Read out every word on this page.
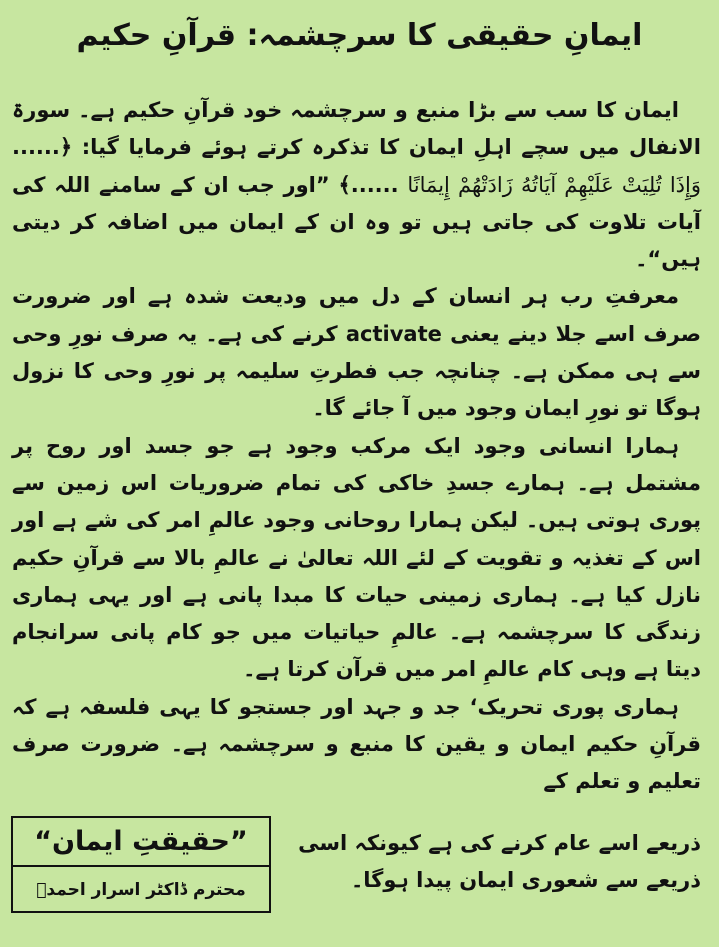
ایمانِ حقیقی کا سرچشمہ: قرآنِ حکیم

ایمان کا سب سے بڑا منبع و سرچشمہ خود قرآنِ حکیم ہے۔ سورۃ الانفال میں سچے اہلِ ایمان کا تذکرہ کرتے ہوئے فرمایا گیا: ﴿...... وَإِذَا تُلِيَتْ عَلَيْهِمْ آيَاتُهُ زَادَتْهُمْ إِيمَانًا ......﴾ ”اور جب ان کے سامنے اللہ کی آیات تلاوت کی جاتی ہیں تو وہ ان کے ایمان میں اضافہ کر دیتی ہیں“۔

معرفتِ رب ہر انسان کے دل میں ودیعت شدہ ہے اور ضرورت صرف اسے جلا دینے یعنی activate کرنے کی ہے۔ یہ صرف نورِ وحی سے ہی ممکن ہے۔ چنانچہ جب فطرتِ سلیمہ پر نورِ وحی کا نزول ہوگا تو نورِ ایمان وجود میں آ جائے گا۔

ہمارا انسانی وجود ایک مرکب وجود ہے جو جسد اور روح پر مشتمل ہے۔ ہمارے جسدِ خاکی کی تمام ضروریات اس زمین سے پوری ہوتی ہیں۔ لیکن ہمارا روحانی وجود عالمِ امر کی شے ہے اور اس کے تغذیہ و تقویت کے لئے اللہ تعالیٰ نے عالمِ بالا سے قرآنِ حکیم نازل کیا ہے۔ ہماری زمینی حیات کا مبدا پانی ہے اور یہی ہماری زندگی کا سرچشمہ ہے۔ عالمِ حیاتیات میں جو کام پانی سرانجام دیتا ہے وہی کام عالمِ امر میں قرآن کرتا ہے۔

ہماری پوری تحریک‘ جد و جہد اور جستجو کا یہی فلسفہ ہے کہ قرآنِ حکیم ایمان و یقین کا منبع و سرچشمہ ہے۔ ضرورت صرف تعلیم و تعلم کے

ذریعے اسے عام کرنے کی ہے کیونکہ اسی ذریعے سے شعوری ایمان پیدا ہوگا۔
”حقیقتِ ایمان“
محترم ڈاکٹر اسرار احمدؒ
